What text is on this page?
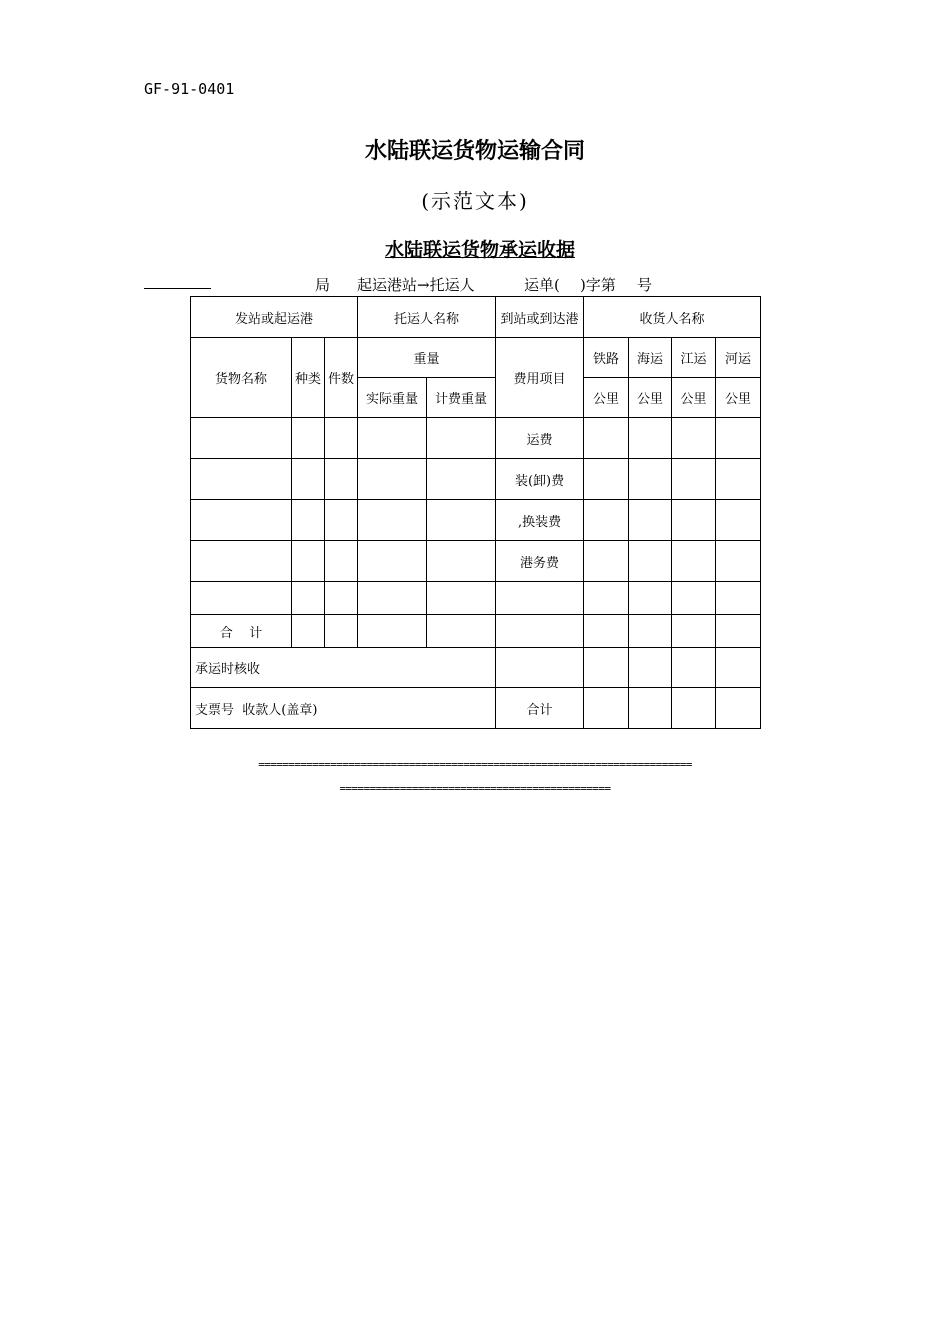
GF-91-0401
水陆联运货物运输合同
(示范文本)
水陆联运货物承运收据
局 起运港站→托运人	运单( )字第 号
发站或起运港			托运人名称		到站或到达港	收货人名称			
货物名称	种类	件数	重量		费用项目	铁路	海运	江运	河运
			实际重量	计费重量		公里	公里	公里	公里
					运费				
					装(卸)费				
					,换装费				
					港务费				

合    计									
承运时核收									
支票号  收款人(盖章)					合计				
========================================================================
=============================================
